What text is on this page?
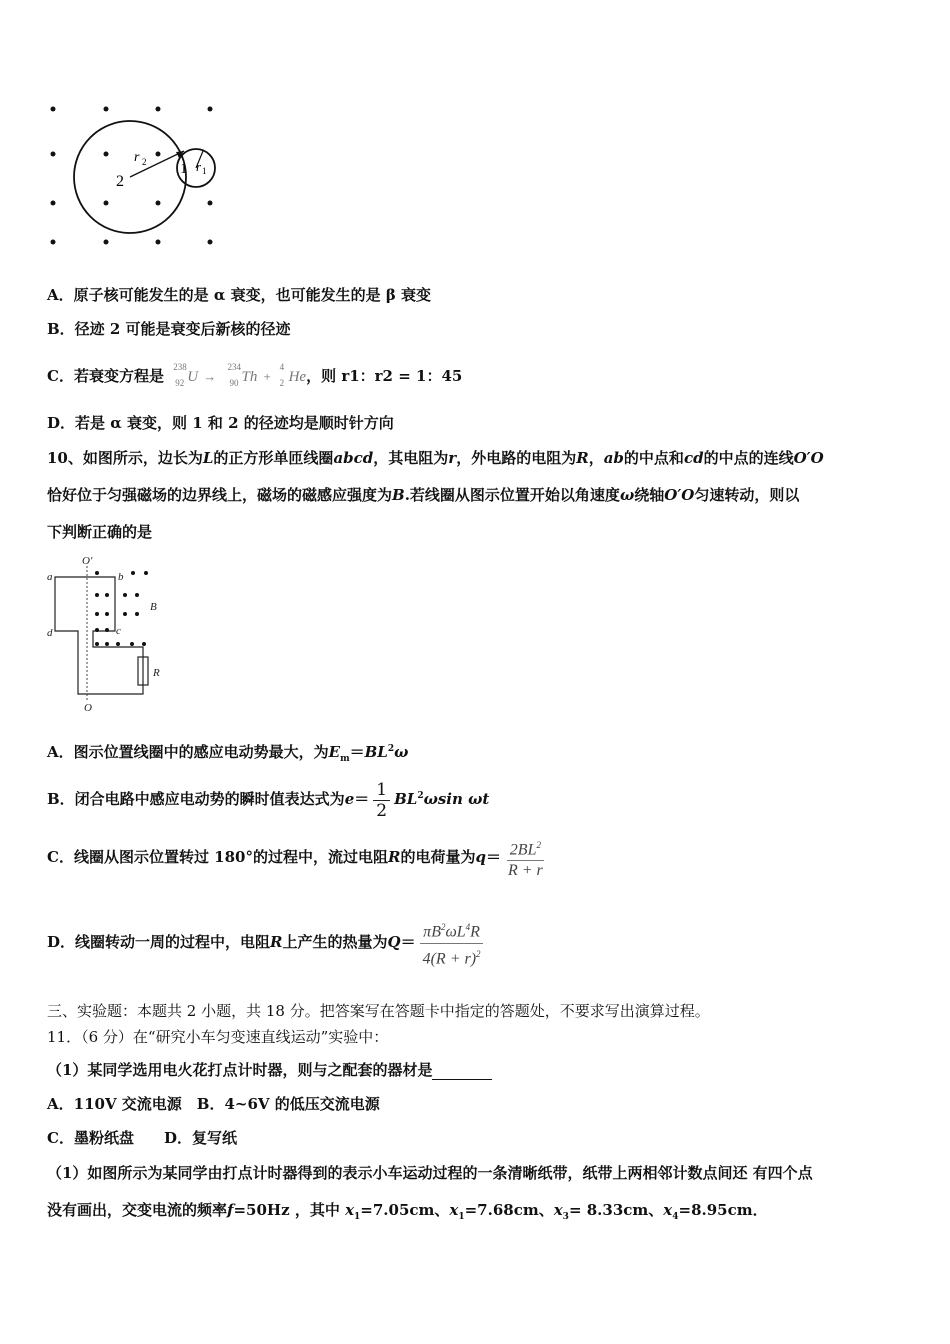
r 2
2
1 r 1
A．原子核可能发生的是 α 衰变，也可能发生的是 β 衰变
B．径迹 2 可能是衰变后新核的径迹
C．若衰变方程是 238
92 U →
234
90 Th +
4
2 He，则 r1：r2 = 1：45
D．若是 α 衰变，则 1 和 2 的径迹均是顺时针方向
10、如图所示，边长为L的正方形单匝线圈abcd，其电阻为r，外电路的电阻为R，ab的中点和cd的中点的连线O′O
恰好位于匀强磁场的边界线上，磁场的磁感应强度为B.若线圈从图示位置开始以角速度ω绕轴O′O匀速转动，则以
下判断正确的是
O′
O
a	b
c
d
B
R
A．图示位置线圈中的感应电动势最大，为$E_m=BL^2\omega$
B．闭合电路中感应电动势的瞬时值表达式为$e= \frac{1}{2} BL^2\omega\sin$ ωt
C．线圈从图示位置转过 180°的过程中，流过电阻R的电荷量为$q= \frac{2BL^2}{R + r}$
D．线圈转动一周的过程中，电阻R上产生的热量为$Q= \frac{\pi B^2\omega L^4R}{4(R + r)^2}$
三、实验题：本题共 2 小题，共 18 分。把答案写在答题卡中指定的答题处，不要求写出演算过程。
11．（6 分）在“研究小车匀变速直线运动”实验中：
（1）某同学选用电火花打点计时器，则与之配套的器材是
A．110V 交流电源　B．4~6V 的低压交流电源
C．墨粉纸盘　　D．复写纸
（1）如图所示为某同学由打点计时器得到的表示小车运动过程的一条清晰纸带，纸带上两相邻计数点间还 有四个点
没有画出，交变电流的频率f=50Hz ，其中 $x_1=7.05cm$、$x_1=7.68cm$、$x_3= 8.33cm$、$x_4=8.95cm$．
